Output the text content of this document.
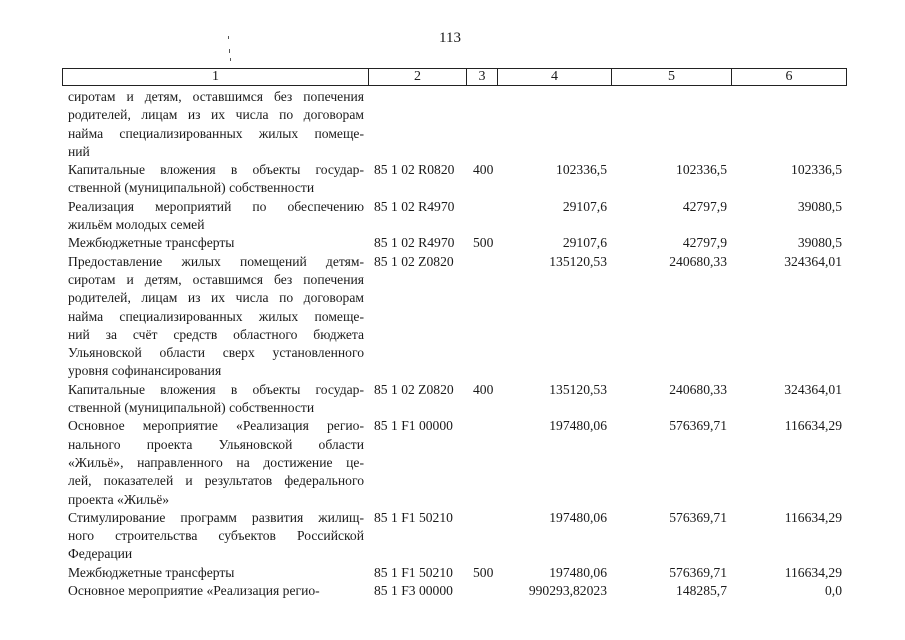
113
1	2	3	4	5	6
сиротам и детям, оставшимся без попечения
родителей, лицам из их числа по договорам
найма специализированных жилых помеще-
ний
Капитальные вложения в объекты государ-
ственной (муниципальной) собственности
85 1 02 R0820 400	102336,5	102336,5	102336,5
Реализация мероприятий по обеспечению
жильём молодых семей
85 1 02 R4970	29107,6	42797,9	39080,5
Межбюджетные трансферты	85 1 02 R4970 500	29107,6	42797,9	39080,5
Предоставление жилых помещений детям-
сиротам и детям, оставшимся без попечения
родителей, лицам из их числа по договорам
найма специализированных жилых помеще-
ний за счёт средств областного бюджета
Ульяновской области сверх установленного
уровня софинансирования
85 1 02 Z0820	135120,53	240680,33	324364,01
Капитальные вложения в объекты государ-
ственной (муниципальной) собственности
85 1 02 Z0820 400	135120,53	240680,33	324364,01
Основное мероприятие «Реализация регио-
нального проекта Ульяновской области
«Жильё», направленного на достижение це-
лей, показателей и результатов федерального
проекта «Жильё»
85 1 F1 00000	197480,06	576369,71	116634,29
Стимулирование программ развития жилищ-
ного строительства субъектов Российской
Федерации
85 1 F1 50210	197480,06	576369,71	116634,29
Межбюджетные трансферты	85 1 F1 50210 500	197480,06	576369,71	116634,29
Основное мероприятие «Реализация регио-	85 1 F3 00000	990293,82023	148285,7	0,0
